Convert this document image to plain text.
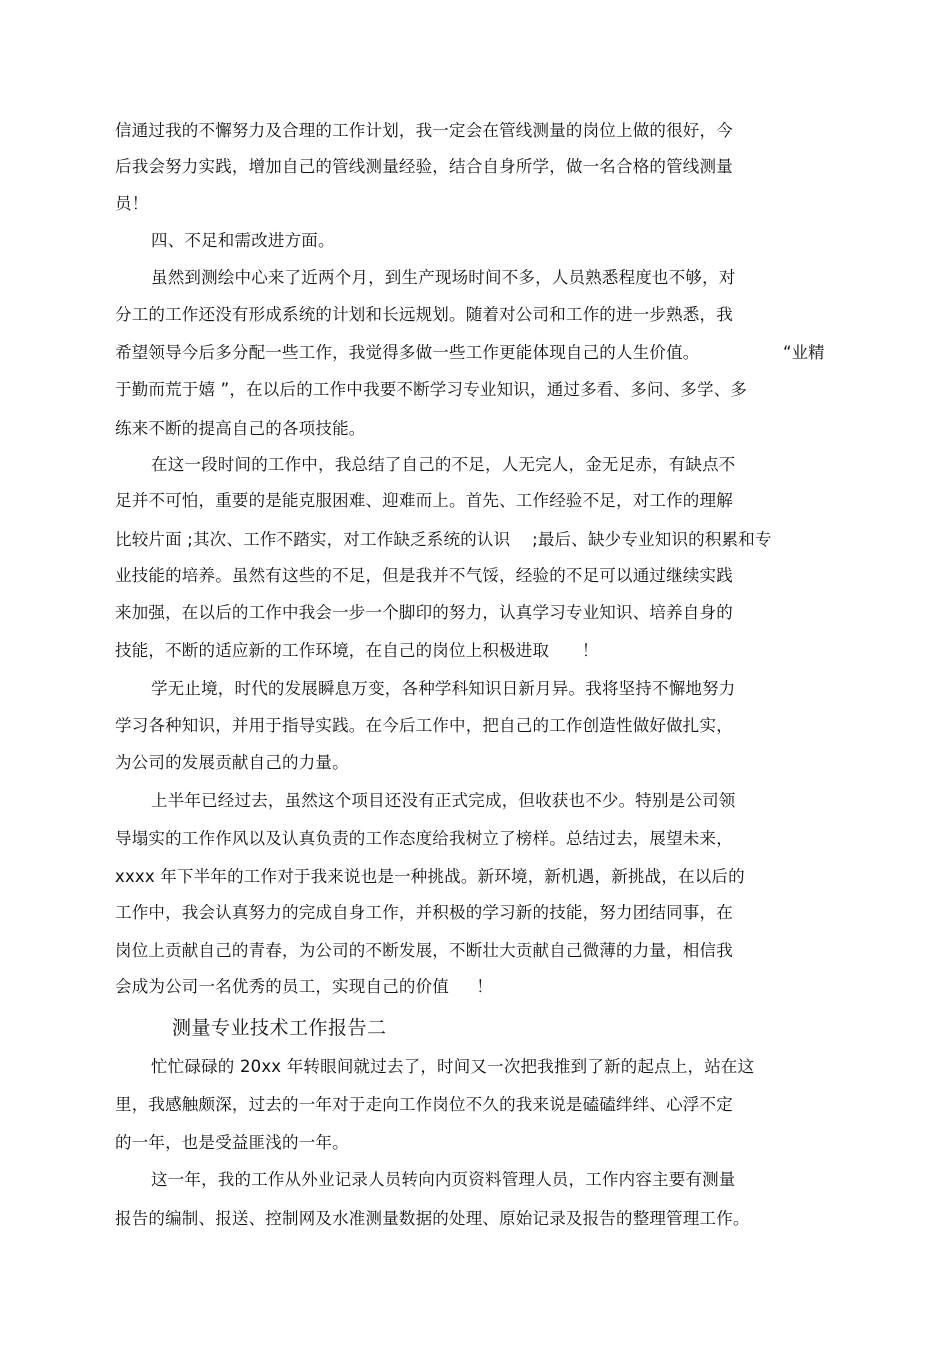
信通过我的不懈努力及合理的工作计划，我一定会在管线测量的岗位上做的很好，今
后我会努力实践，增加自己的管线测量经验，结合自身所学，做一名合格的管线测量
员！
四、不足和需改进方面。
虽然到测绘中心来了近两个月，到生产现场时间不多，人员熟悉程度也不够，对
分工的工作还没有形成系统的计划和长远规划。随着对公司和工作的进一步熟悉，我
希望领导今后多分配一些工作，我觉得多做一些工作更能体现自己的人生价值。	“业精
于勤而荒于嬉 ”，在以后的工作中我要不断学习专业知识，通过多看、多问、多学、多
练来不断的提高自己的各项技能。
在这一段时间的工作中，我总结了自己的不足，人无完人，金无足赤，有缺点不
足并不可怕，重要的是能克服困难、迎难而上。首先、工作经验不足，对工作的理解
比较片面 ;其次、工作不踏实，对工作缺乏系统的认识    ;最后、缺少专业知识的积累和专
业技能的培养。虽然有这些的不足，但是我并不气馁，经验的不足可以通过继续实践
来加强，在以后的工作中我会一步一个脚印的努力，认真学习专业知识、培养自身的
技能，不断的适应新的工作环境，在自己的岗位上积极进取      ！
学无止境，时代的发展瞬息万变，各种学科知识日新月异。我将坚持不懈地努力
学习各种知识，并用于指导实践。在今后工作中，把自己的工作创造性做好做扎实，
为公司的发展贡献自己的力量。
上半年已经过去，虽然这个项目还没有正式完成，但收获也不少。特别是公司领
导塌实的工作作风以及认真负责的工作态度给我树立了榜样。总结过去，展望未来，
xxxx 年下半年的工作对于我来说也是一种挑战。新环境，新机遇，新挑战，在以后的
工作中，我会认真努力的完成自身工作，并积极的学习新的技能，努力团结同事，在
岗位上贡献自己的青春，为公司的不断发展，不断壮大贡献自己微薄的力量，相信我
会成为公司一名优秀的员工，实现自己的价值     ！
测量专业技术工作报告二
忙忙碌碌的 20xx 年转眼间就过去了，时间又一次把我推到了新的起点上，站在这
里，我感触颇深，过去的一年对于走向工作岗位不久的我来说是磕磕绊绊、心浮不定
的一年，也是受益匪浅的一年。
这一年，我的工作从外业记录人员转向内页资料管理人员，工作内容主要有测量
报告的编制、报送、控制网及水准测量数据的处理、原始记录及报告的整理管理工作。
